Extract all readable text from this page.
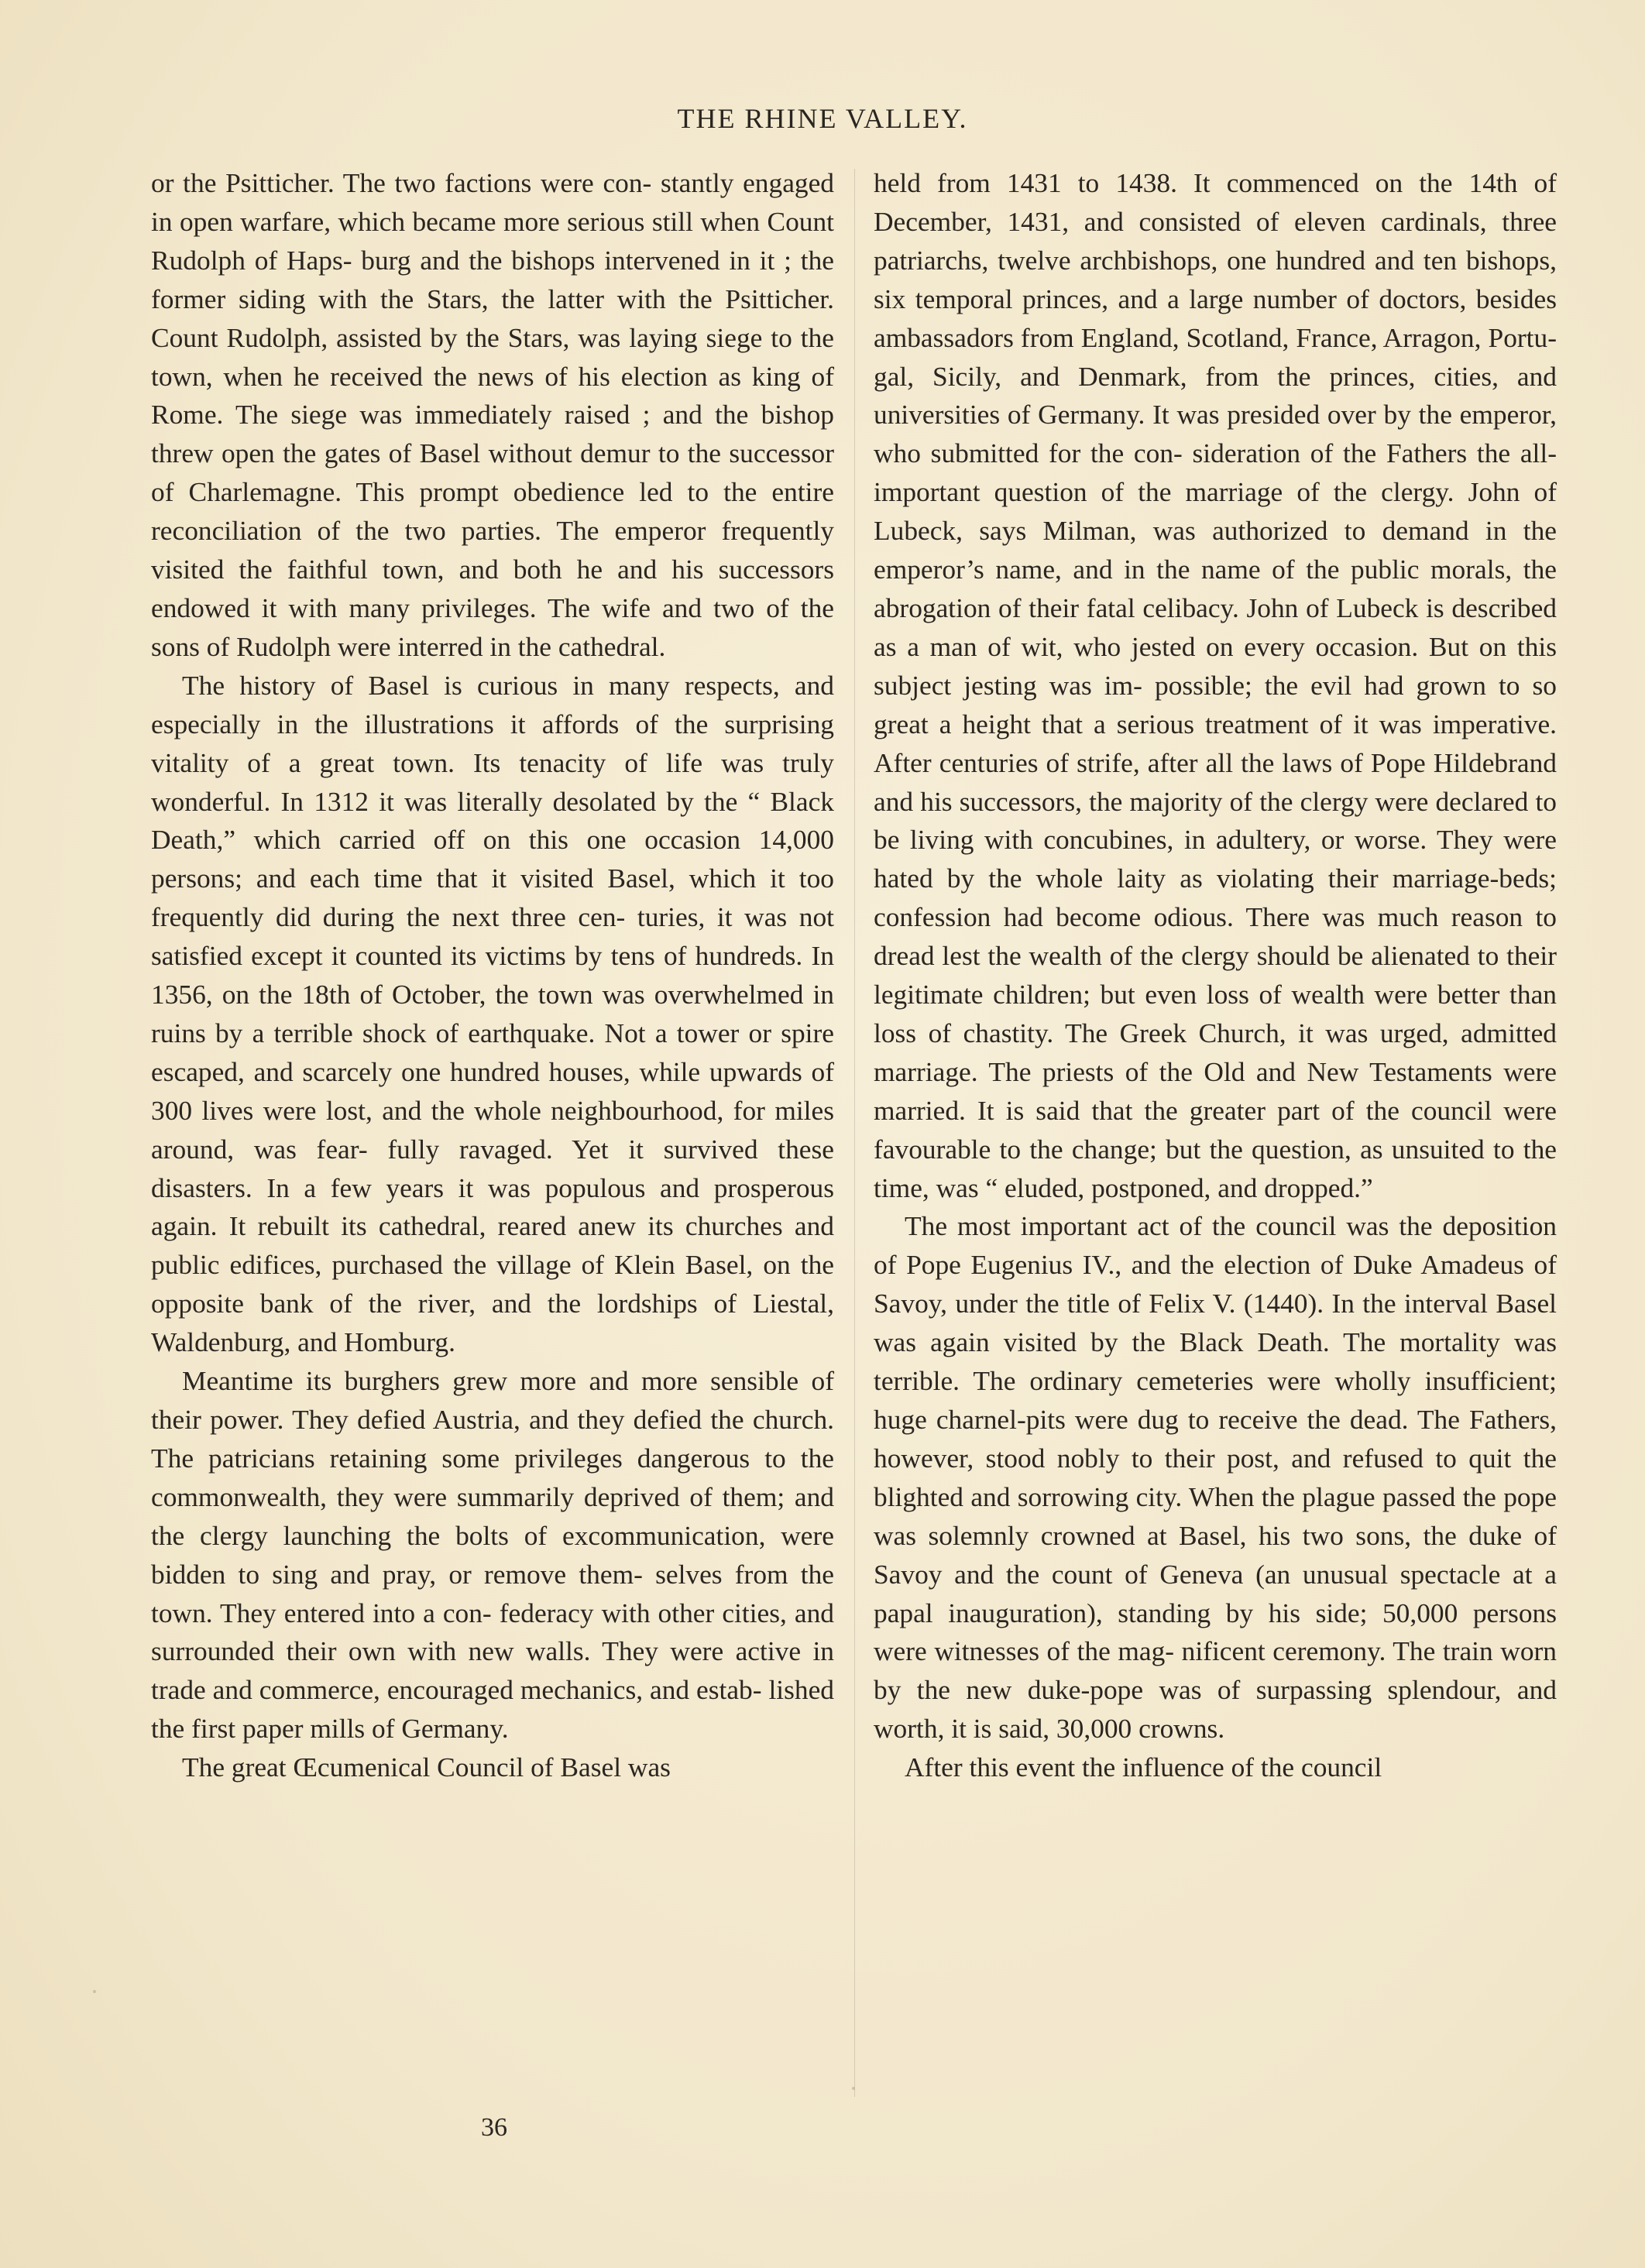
THE RHINE VALLEY.

or the Psitticher. The two factions were con- stantly engaged in open warfare, which became more serious still when Count Rudolph of Haps- burg and the bishops intervened in it ; the former siding with the Stars, the latter with the Psitticher. Count Rudolph, assisted by the Stars, was laying siege to the town, when he received the news of his election as king of Rome. The siege was immediately raised ; and the bishop threw open the gates of Basel without demur to the successor of Charlemagne. This prompt obedience led to the entire reconciliation of the two parties. The emperor frequently visited the faithful town, and both he and his successors endowed it with many privileges. The wife and two of the sons of Rudolph were interred in the cathedral.

The history of Basel is curious in many respects, and especially in the illustrations it affords of the surprising vitality of a great town. Its tenacity of life was truly wonderful. In 1312 it was literally desolated by the “ Black Death,” which carried off on this one occasion 14,000 persons; and each time that it visited Basel, which it too frequently did during the next three cen- turies, it was not satisfied except it counted its victims by tens of hundreds. In 1356, on the 18th of October, the town was overwhelmed in ruins by a terrible shock of earthquake. Not a tower or spire escaped, and scarcely one hundred houses, while upwards of 300 lives were lost, and the whole neighbourhood, for miles around, was fear- fully ravaged. Yet it survived these disasters. In a few years it was populous and prosperous again. It rebuilt its cathedral, reared anew its churches and public edifices, purchased the village of Klein Basel, on the opposite bank of the river, and the lordships of Liestal, Waldenburg, and Homburg.

Meantime its burghers grew more and more sensible of their power. They defied Austria, and they defied the church. The patricians retaining some privileges dangerous to the commonwealth, they were summarily deprived of them; and the clergy launching the bolts of excommunication, were bidden to sing and pray, or remove them- selves from the town. They entered into a con- federacy with other cities, and surrounded their own with new walls. They were active in trade and commerce, encouraged mechanics, and estab- lished the first paper mills of Germany.

The great Œcumenical Council of Basel was

held from 1431 to 1438. It commenced on the 14th of December, 1431, and consisted of eleven cardinals, three patriarchs, twelve archbishops, one hundred and ten bishops, six temporal princes, and a large number of doctors, besides ambassadors from England, Scotland, France, Arragon, Portu- gal, Sicily, and Denmark, from the princes, cities, and universities of Germany. It was presided over by the emperor, who submitted for the con- sideration of the Fathers the all-important question of the marriage of the clergy. John of Lubeck, says Milman, was authorized to demand in the emperor’s name, and in the name of the public morals, the abrogation of their fatal celibacy. John of Lubeck is described as a man of wit, who jested on every occasion. But on this subject jesting was im- possible; the evil had grown to so great a height that a serious treatment of it was imperative. After centuries of strife, after all the laws of Pope Hildebrand and his successors, the majority of the clergy were declared to be living with concubines, in adultery, or worse. They were hated by the whole laity as violating their marriage-beds; confession had become odious. There was much reason to dread lest the wealth of the clergy should be alienated to their legitimate children; but even loss of wealth were better than loss of chastity. The Greek Church, it was urged, admitted marriage. The priests of the Old and New Testaments were married. It is said that the greater part of the council were favourable to the change; but the question, as unsuited to the time, was “ eluded, postponed, and dropped.”

The most important act of the council was the deposition of Pope Eugenius IV., and the election of Duke Amadeus of Savoy, under the title of Felix V. (1440). In the interval Basel was again visited by the Black Death. The mortality was terrible. The ordinary cemeteries were wholly insufficient; huge charnel-pits were dug to receive the dead. The Fathers, however, stood nobly to their post, and refused to quit the blighted and sorrowing city. When the plague passed the pope was solemnly crowned at Basel, his two sons, the duke of Savoy and the count of Geneva (an unusual spectacle at a papal inauguration), standing by his side; 50,000 persons were witnesses of the mag- nificent ceremony. The train worn by the new duke-pope was of surpassing splendour, and worth, it is said, 30,000 crowns.

After this event the influence of the council

36
